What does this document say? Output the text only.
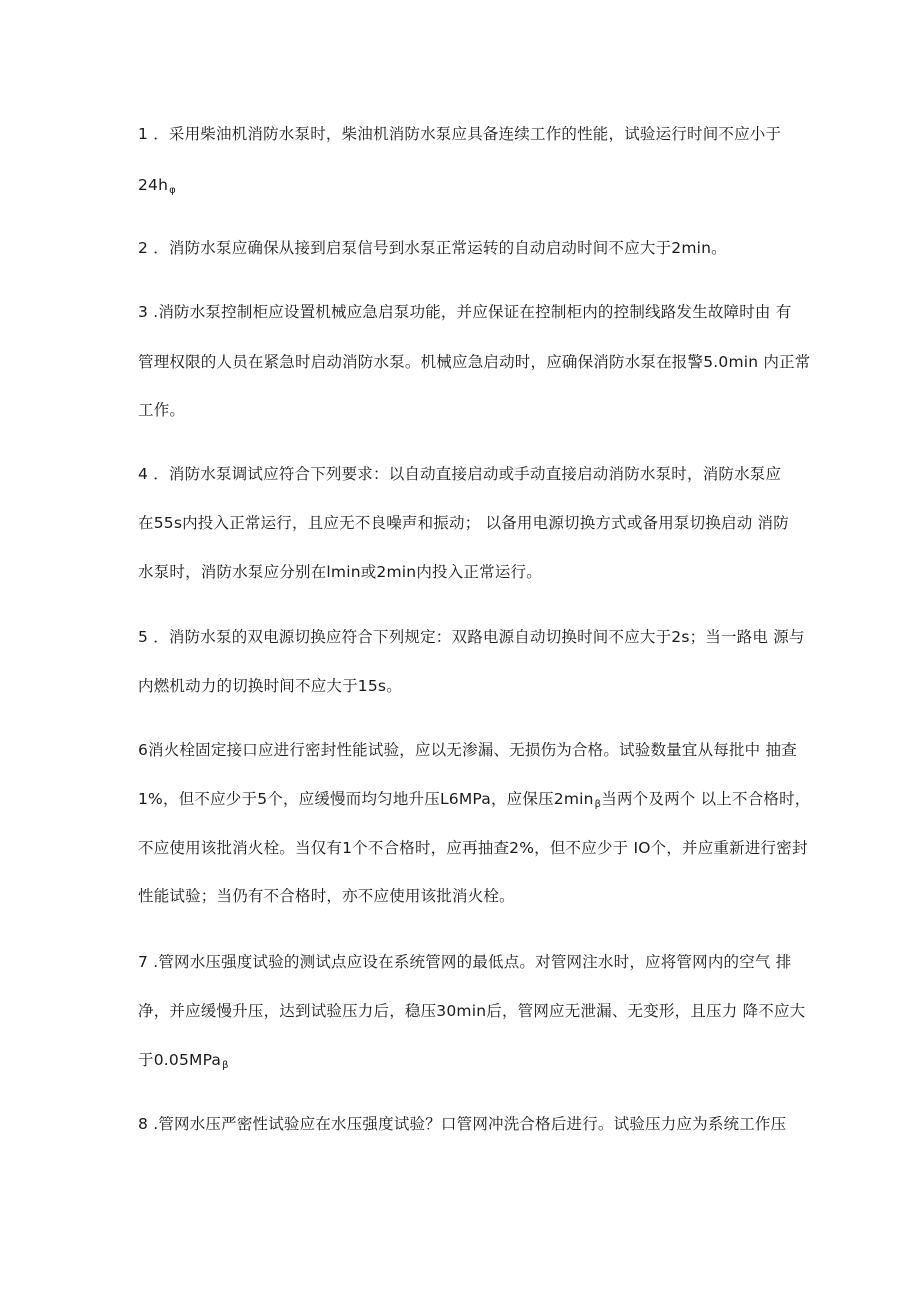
1 ．采用柴油机消防水泵时，柴油机消防水泵应具备连续工作的性能，试验运行时间不应小于
$24h_\varphi$
2 ．消防水泵应确保从接到启泵信号到水泵正常运转的自动启动时间不应大于2min。
3 .消防水泵控制柜应设置机械应急启泵功能，并应保证在控制柜内的控制线路发生故障时由 有
管理权限的人员在紧急时启动消防水泵。机械应急启动时，应确保消防水泵在报警5.0min 内正常
工作。
4 ．消防水泵调试应符合下列要求：以自动直接启动或手动直接启动消防水泵时，消防水泵应
在55s内投入正常运行，且应无不良噪声和振动； 以备用电源切换方式或备用泵切换启动 消防
水泵时，消防水泵应分别在lmin或2min内投入正常运行。
5 ．消防水泵的双电源切换应符合下列规定：双路电源自动切换时间不应大于2s；当一路电 源与
内燃机动力的切换时间不应大于15s。
6消火栓固定接口应进行密封性能试验，应以无渗漏、无损伤为合格。试验数量宜从每批中 抽查
1%，但不应少于5个，应缓慢而均匀地升压L6MPa，应保压$2\min_\beta$当两个及两个 以上不合格时，
不应使用该批消火栓。当仅有1个不合格时，应再抽查2%，但不应少于 IO个，并应重新进行密封
性能试验；当仍有不合格时，亦不应使用该批消火栓。
7 .管网水压强度试验的测试点应设在系统管网的最低点。对管网注水时，应将管网内的空气 排
净，并应缓慢升压，达到试验压力后，稳压30min后，管网应无泄漏、无变形，且压力 降不应大
于0.05MPa$_\beta$
8 .管网水压严密性试验应在水压强度试验？口管网冲洗合格后进行。试验压力应为系统工作压
